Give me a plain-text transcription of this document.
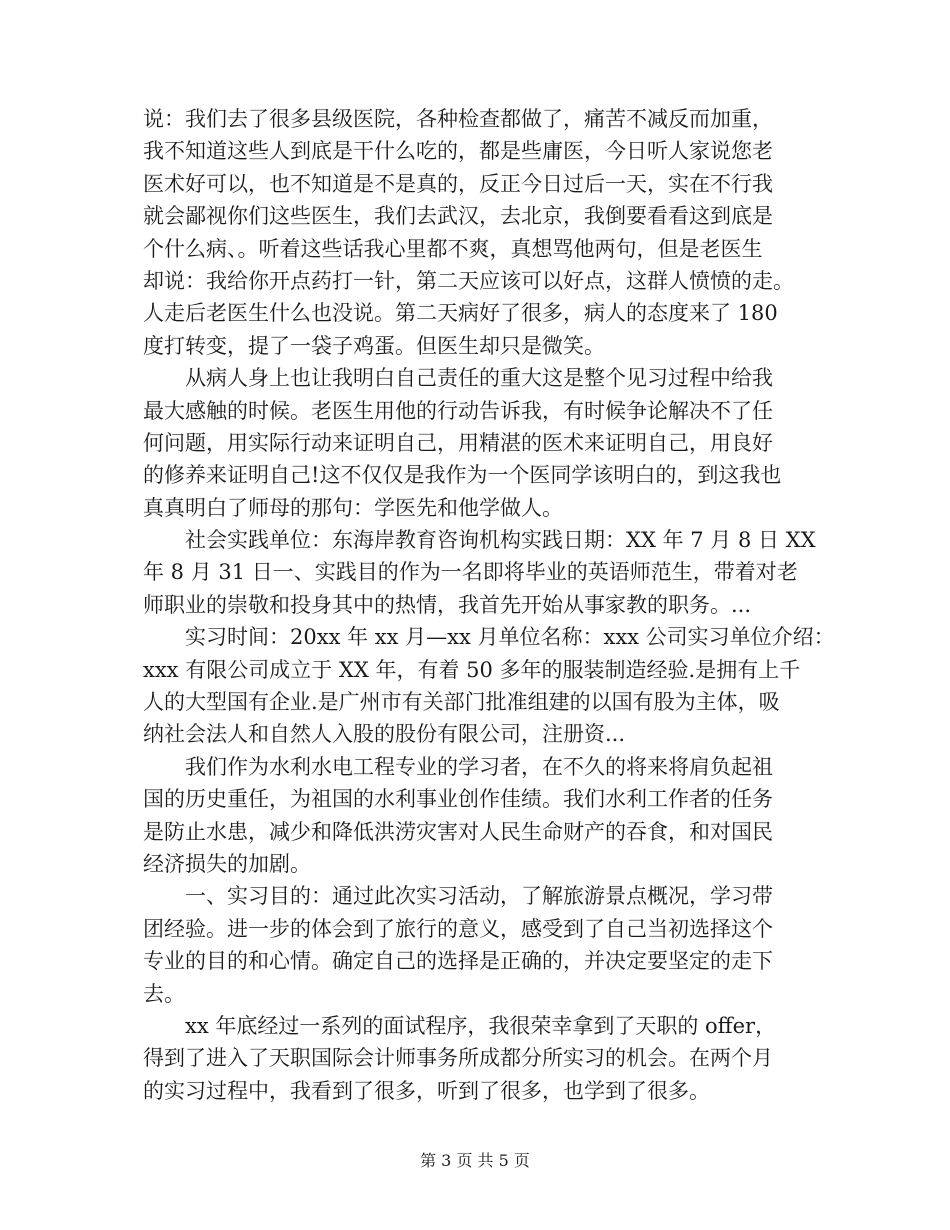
说：我们去了很多县级医院，各种检查都做了，痛苦不减反而加重，
我不知道这些人到底是干什么吃的，都是些庸医，今日听人家说您老
医术好可以，也不知道是不是真的，反正今日过后一天，实在不行我
就会鄙视你们这些医生，我们去武汉，去北京，我倒要看看这到底是
个什么病、。听着这些话我心里都不爽，真想骂他两句，但是老医生
却说：我给你开点药打一针，第二天应该可以好点，这群人愤愤的走。
人走后老医生什么也没说。第二天病好了很多，病人的态度来了 180
度打转变，提了一袋子鸡蛋。但医生却只是微笑。
从病人身上也让我明白自己责任的重大这是整个见习过程中给我
最大感触的时候。老医生用他的行动告诉我，有时候争论解决不了任
何问题，用实际行动来证明自己，用精湛的医术来证明自己，用良好
的修养来证明自己!这不仅仅是我作为一个医同学该明白的，到这我也
真真明白了师母的那句：学医先和他学做人。
社会实践单位：东海岸教育咨询机构实践日期：XX 年 7 月 8 日 XX
年 8 月 31 日一、实践目的作为一名即将毕业的英语师范生，带着对老
师职业的崇敬和投身其中的热情，我首先开始从事家教的职务。...
实习时间：20xx 年 xx 月—xx 月单位名称：xxx 公司实习单位介绍：
xxx 有限公司成立于 XX 年，有着 50 多年的服装制造经验.是拥有上千
人的大型国有企业.是广州市有关部门批准组建的以国有股为主体，吸
纳社会法人和自然人入股的股份有限公司，注册资...
我们作为水利水电工程专业的学习者，在不久的将来将肩负起祖
国的历史重任，为祖国的水利事业创作佳绩。我们水利工作者的任务
是防止水患，减少和降低洪涝灾害对人民生命财产的吞食，和对国民
经济损失的加剧。
一、实习目的：通过此次实习活动，了解旅游景点概况，学习带
团经验。进一步的体会到了旅行的意义，感受到了自己当初选择这个
专业的目的和心情。确定自己的选择是正确的，并决定要坚定的走下
去。
xx 年底经过一系列的面试程序，我很荣幸拿到了天职的 offer，
得到了进入了天职国际会计师事务所成都分所实习的机会。在两个月
的实习过程中，我看到了很多，听到了很多，也学到了很多。
第 3 页 共 5 页
